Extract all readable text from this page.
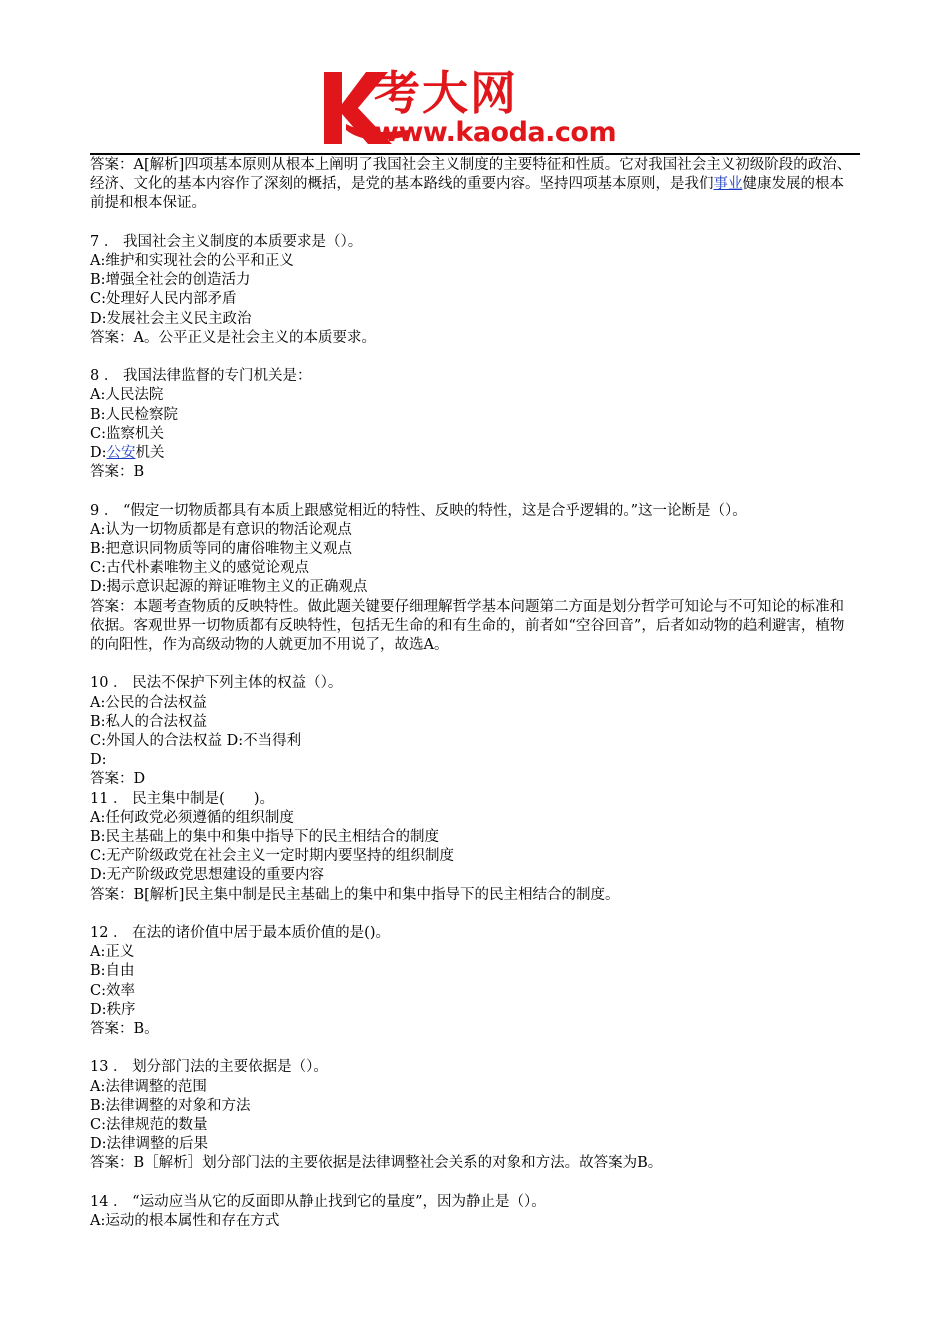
考大网
www.kaoda.com

答案：A[解析]四项基本原则从根本上阐明了我国社会主义制度的主要特征和性质。它对我国社会主义初级阶段的政治、经济、文化的基本内容作了深刻的概括，是党的基本路线的重要内容。坚持四项基本原则，是我们事业健康发展的根本前提和根本保证。

7 ． 我国社会主义制度的本质要求是（）。

A:维护和实现社会的公平和正义

B:增强全社会的创造活力

C:处理好人民内部矛盾

D:发展社会主义民主政治

答案：A。公平正义是社会主义的本质要求。

8 ． 我国法律监督的专门机关是：

A:人民法院

B:人民检察院

C:监察机关

D:公安机关

答案：B

9 ． “假定一切物质都具有本质上跟感觉相近的特性、反映的特性，这是合乎逻辑的。”这一论断是（）。

A:认为一切物质都是有意识的物活论观点

B:把意识同物质等同的庸俗唯物主义观点

C:古代朴素唯物主义的感觉论观点

D:揭示意识起源的辩证唯物主义的正确观点

答案：本题考查物质的反映特性。做此题关键要仔细理解哲学基本问题第二方面是划分哲学可知论与不可知论的标准和依据。客观世界一切物质都有反映特性，包括无生命的和有生命的，前者如“空谷回音”，后者如动物的趋利避害，植物的向阳性，作为高级动物的人就更加不用说了，故选A。

10 ． 民法不保护下列主体的权益（）。

A:公民的合法权益

B:私人的合法权益

C:外国人的合法权益 D:不当得利

D:

答案：D

11 ． 民主集中制是(　　)。

A:任何政党必须遵循的组织制度

B:民主基础上的集中和集中指导下的民主相结合的制度

C:无产阶级政党在社会主义一定时期内要坚持的组织制度

D:无产阶级政党思想建设的重要内容

答案：B[解析]民主集中制是民主基础上的集中和集中指导下的民主相结合的制度。

12 ． 在法的诸价值中居于最本质价值的是()。

A:正义

B:自由

C:效率

D:秩序

答案：B。

13 ． 划分部门法的主要依据是（）。

A:法律调整的范围

B:法律调整的对象和方法

C:法律规范的数量

D:法律调整的后果

答案：B［解析］划分部门法的主要依据是法律调整社会关系的对象和方法。故答案为B。

14 ． “运动应当从它的反面即从静止找到它的量度”，因为静止是（）。

A:运动的根本属性和存在方式
